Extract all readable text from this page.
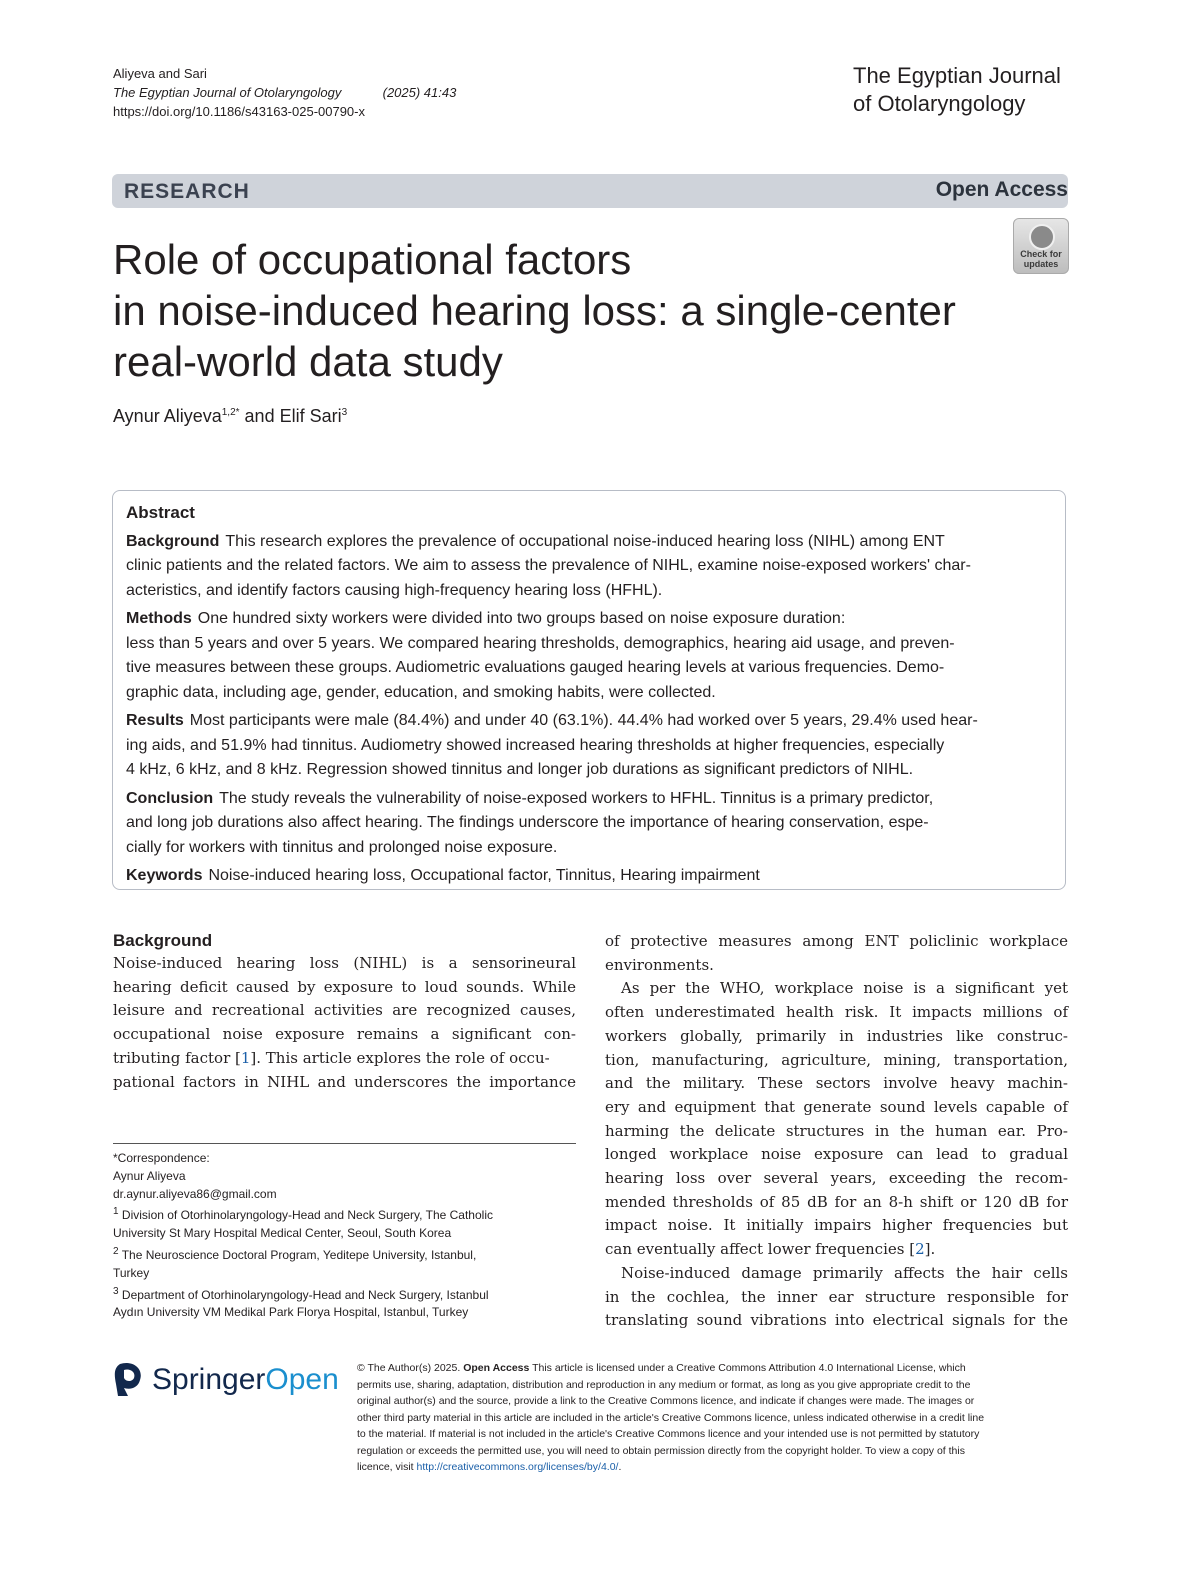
Aliyeva and Sari
The Egyptian Journal of Otolaryngology	(2025) 41:43
https://doi.org/10.1186/s43163-025-00790-x
The Egyptian Journal
of Otolaryngology
RESEARCH	Open Access
Check for
updates
Role of occupational factors
in noise-induced hearing loss: a single-center
real-world data study
Aynur Aliyeva$^{1,2*}$ and Elif Sari$^3$
Abstract
Background This research explores the prevalence of occupational noise-induced hearing loss (NIHL) among ENT
clinic patients and the related factors. We aim to assess the prevalence of NIHL, examine noise-exposed workers' char-
acteristics, and identify factors causing high-frequency hearing loss (HFHL).
Methods One hundred sixty workers were divided into two groups based on noise exposure duration:
less than 5 years and over 5 years. We compared hearing thresholds, demographics, hearing aid usage, and preven-
tive measures between these groups. Audiometric evaluations gauged hearing levels at various frequencies. Demo-
graphic data, including age, gender, education, and smoking habits, were collected.
Results Most participants were male (84.4%) and under 40 (63.1%). 44.4% had worked over 5 years, 29.4% used hear-
ing aids, and 51.9% had tinnitus. Audiometry showed increased hearing thresholds at higher frequencies, especially
4 kHz, 6 kHz, and 8 kHz. Regression showed tinnitus and longer job durations as significant predictors of NIHL.
Conclusion The study reveals the vulnerability of noise-exposed workers to HFHL. Tinnitus is a primary predictor,
and long job durations also affect hearing. The findings underscore the importance of hearing conservation, espe-
cially for workers with tinnitus and prolonged noise exposure.
Keywords Noise-induced hearing loss, Occupational factor, Tinnitus, Hearing impairment
Background
Noise-induced hearing loss (NIHL) is a sensorineural
hearing deficit caused by exposure to loud sounds. While
leisure and recreational activities are recognized causes,
occupational noise exposure remains a significant con-
tributing factor [1]. This article explores the role of occu-
pational factors in NIHL and underscores the importance
of protective measures among ENT policlinic workplace
environments.
As per the WHO, workplace noise is a significant yet
often underestimated health risk. It impacts millions of
workers globally, primarily in industries like construc-
tion, manufacturing, agriculture, mining, transportation,
and the military. These sectors involve heavy machin-
ery and equipment that generate sound levels capable of
harming the delicate structures in the human ear. Pro-
longed workplace noise exposure can lead to gradual
hearing loss over several years, exceeding the recom-
mended thresholds of 85 dB for an 8-h shift or 120 dB for
impact noise. It initially impairs higher frequencies but
can eventually affect lower frequencies [2].
Noise-induced damage primarily affects the hair cells
in the cochlea, the inner ear structure responsible for
translating sound vibrations into electrical signals for the
*Correspondence:
Aynur Aliyeva
dr.aynur.aliyeva86@gmail.com
$^1$ Division of Otorhinolaryngology-Head and Neck Surgery, The Catholic
University St Mary Hospital Medical Center, Seoul, South Korea
$^2$ The Neuroscience Doctoral Program, Yeditepe University, Istanbul,
Turkey
$^3$ Department of Otorhinolaryngology-Head and Neck Surgery, Istanbul
Aydın University VM Medikal Park Florya Hospital, Istanbul, Turkey
SpringerOpen © The Author(s) 2025. Open Access This article is licensed under a Creative Commons Attribution 4.0 International License, which
permits use, sharing, adaptation, distribution and reproduction in any medium or format, as long as you give appropriate credit to the
original author(s) and the source, provide a link to the Creative Commons licence, and indicate if changes were made. The images or
other third party material in this article are included in the article's Creative Commons licence, unless indicated otherwise in a credit line
to the material. If material is not included in the article's Creative Commons licence and your intended use is not permitted by statutory
regulation or exceeds the permitted use, you will need to obtain permission directly from the copyright holder. To view a copy of this
licence, visit http://creativecommons.org/licenses/by/4.0/.
